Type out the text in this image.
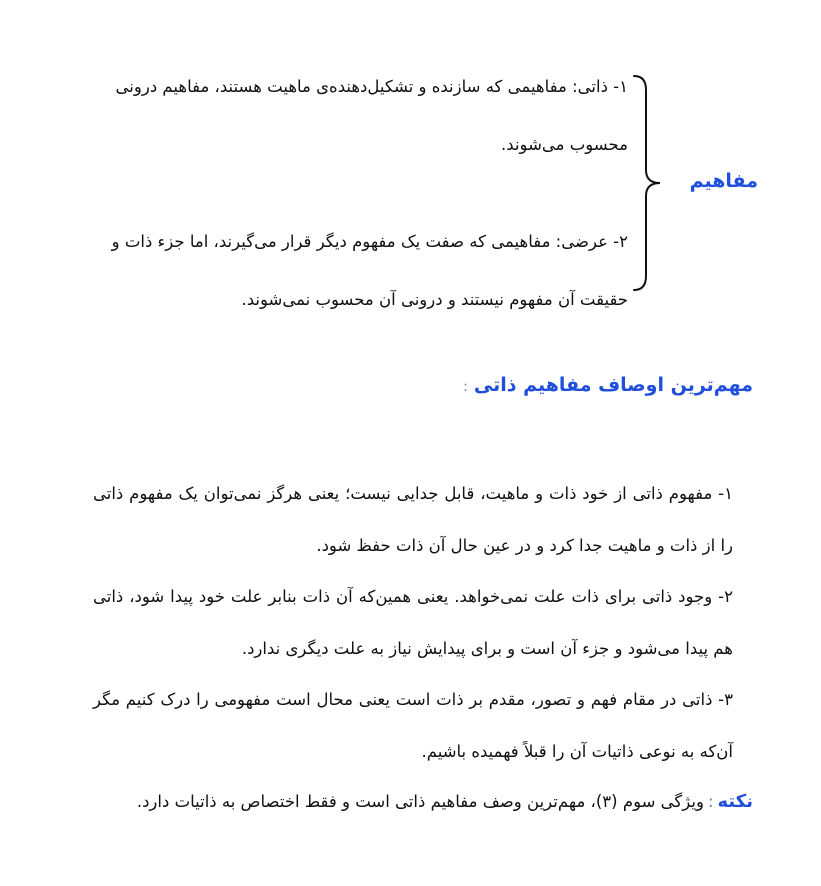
۱- ذاتی: مفاهیمی که سازنده و تشکیل‌دهنده‌ی ماهیت هستند، مفاهیم درونی محسوب می‌شوند.
مفاهیم
۲- عرضی: مفاهیمی که صفت یک مفهوم دیگر قرار می‌گیرند، اما جزء ذات و حقیقت آن مفهوم نیستند و درونی آن محسوب نمی‌شوند.
مهم‌ترین اوصاف مفاهیم ذاتی:

۱- مفهوم ذاتی از خود ذات و ماهیت، قابل جدایی نیست؛ یعنی هرگز نمی‌توان یک مفهوم ذاتی را از ذات و ماهیت جدا کرد و در عین حال آن ذات حفظ شود.

۲- وجود ذاتی برای ذات علت نمی‌خواهد. یعنی همین‌که آن ذات بنابر علت خود پیدا شود، ذاتی هم پیدا می‌شود و جزء آن است و برای پیدایش نیاز به علت دیگری ندارد.

۳- ذاتی در مقام فهم و تصور، مقدم بر ذات است یعنی محال است مفهومی را درک کنیم مگر آن‌که به نوعی ذاتیات آن را قبلاً فهمیده باشیم.

نکته:ویژگی سوم (۳)، مهم‌ترین وصف مفاهیم ذاتی است و فقط اختصاص به ذاتیات دارد.
